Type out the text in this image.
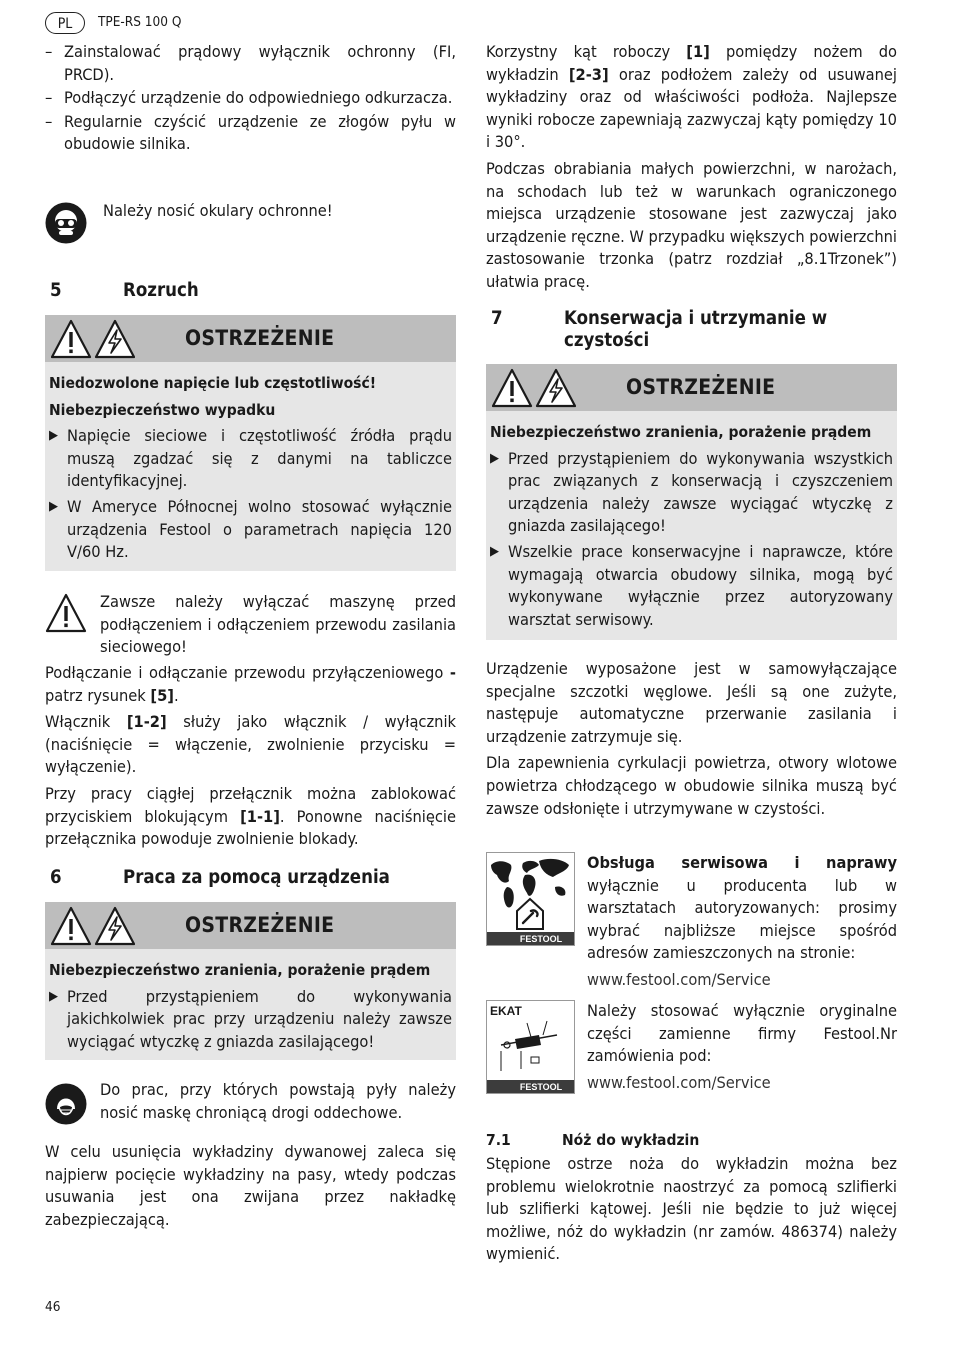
PL	TPE-RS 100 Q
– Zainstalować prądowy wyłącznik ochronny (FI, PRCD).
– Podłączyć urządzenie do odpowiedniego odkurzacza.
– Regularnie czyścić urządzenie ze złogów pyłu w obudowie silnika.

Należy nosić okulary ochronne!

5	Rozruch
OSTRZEŻENIE
Niedozwolone napięcie lub częstotliwość!
Niebezpieczeństwo wypadku
▶ Napięcie sieciowe i częstotliwość źródła prądu muszą zgadzać się z danymi na tabliczce identyfikacyjnej.
▶ W Ameryce Północnej wolno stosować wyłącznie urządzenia Festool o parametrach napięcia 120 V/60 Hz.

Zawsze należy wyłączać maszynę przed podłączeniem i odłączeniem przewodu zasilania sieciowego!

Podłączanie i odłączanie przewodu przyłączeniowego - patrz rysunek [5].

Włącznik [1-2] służy jako włącznik / wyłącznik (naciśnięcie = włączenie, zwolnienie przycisku = wyłączenie).

Przy pracy ciągłej przełącznik można zablokować przyciskiem blokującym [1-1]. Ponowne naciśnięcie przełącznika powoduje zwolnienie blokady.

6	Praca za pomocą urządzenia
OSTRZEŻENIE
Niebezpieczeństwo zranienia, porażenie prądem
▶ Przed przystąpieniem do wykonywania jakichkolwiek prac przy urządzeniu należy zawsze wyciągać wtyczkę z gniazda zasilającego!

Do prac, przy których powstają pyły należy nosić maskę chroniącą drogi oddechowe.

W celu usunięcia wykładziny dywanowej zaleca się najpierw pocięcie wykładziny na pasy, wtedy podczas usuwania jest ona zwijana przez nakładkę zabezpieczającą.

Korzystny kąt roboczy [1] pomiędzy nożem do wykładzin [2-3] oraz podłożem zależy od usuwanej wykładziny oraz od właściwości podłoża. Najlepsze wyniki robocze zapewniają zazwyczaj kąty pomiędzy 10 i 30°.

Podczas obrabiania małych powierzchni, w narożach, na schodach lub też w warunkach ograniczonego miejsca urządzenie stosowane jest zazwyczaj jako urządzenie ręczne. W przypadku większych powierzchni zastosowanie trzonka (patrz rozdział „8.1Trzonek”) ułatwia pracę.

7	Konserwacja i utrzymanie w czystości
OSTRZEŻENIE
Niebezpieczeństwo zranienia, porażenie prądem
▶ Przed przystąpieniem do wykonywania wszystkich prac związanych z konserwacją i czyszczeniem urządzenia należy zawsze wyciągać wtyczkę z gniazda zasilającego!
▶ Wszelkie prace konserwacyjne i naprawcze, które wymagają otwarcia obudowy silnika, mogą być wykonywane wyłącznie przez autoryzowany warsztat serwisowy.

Urządzenie wyposażone jest w samowyłączające specjalne szczotki węglowe. Jeśli są one zużyte, następuje automatyczne przerwanie zasilania i urządzenie zatrzymuje się.

Dla zapewnienia cyrkulacji powietrza, otwory wlotowe powietrza chłodzącego w obudowie silnika muszą być zawsze odsłonięte i utrzymywane w czystości.

FESTOOL

Obsługa serwisowa i naprawy wyłącznie u producenta lub w warsztatach autoryzowanych: prosimy wybrać najbliższe miejsce spośród adresów zamieszczonych na stronie:

www.festool.com/Service

EKAT
FESTOOL

Należy stosować wyłącznie oryginalne części zamienne firmy Festool.Nr zamówienia pod:

www.festool.com/Service

7.1	Nóż do wykładzin

Stępione ostrze noża do wykładzin można bez problemu wielokrotnie naostrzyć za pomocą szlifierki lub szlifierki kątowej. Jeśli nie będzie to już więcej możliwe, nóż do wykładzin (nr zamów. 486374) należy wymienić.

46
